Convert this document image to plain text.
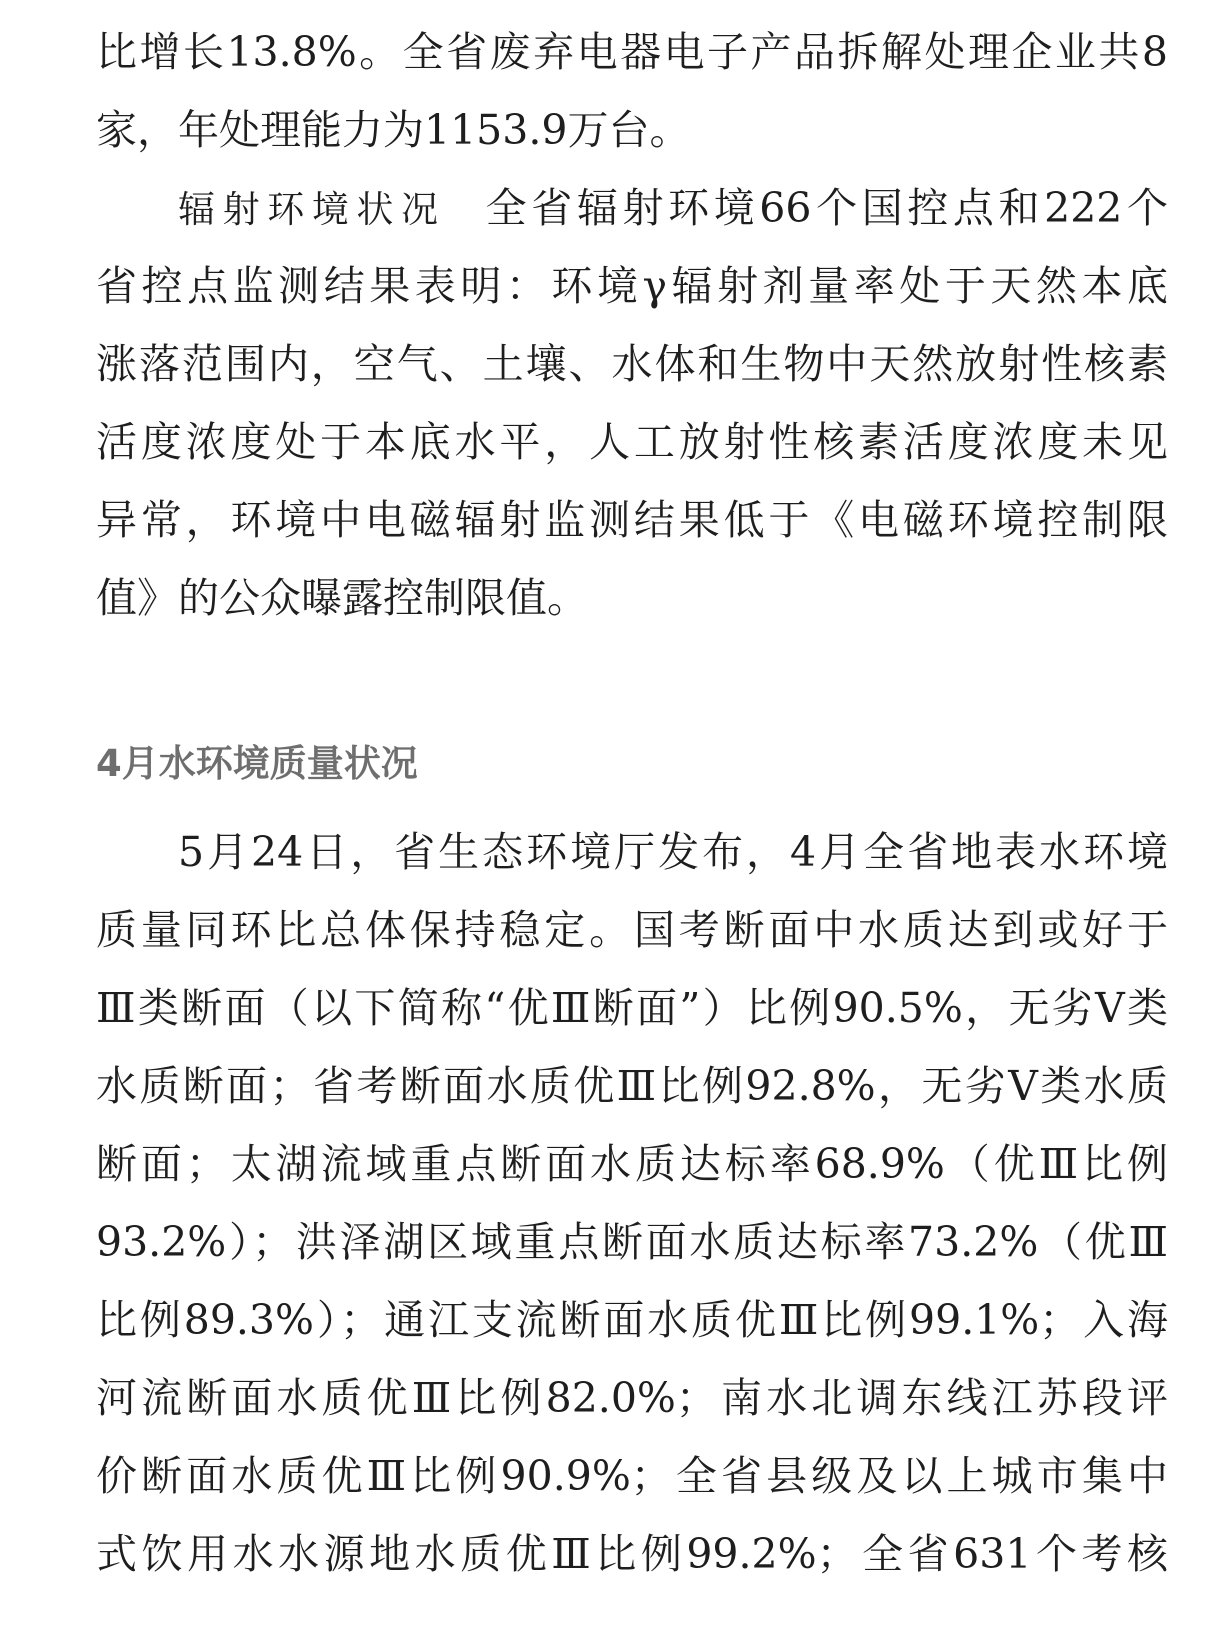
比增长13.8%。全省废弃电器电子产品拆解处理企业共8

家，年处理能力为1153.9万台。

辐射环境状况 全省辐射环境66个国控点和222个

省控点监测结果表明：环境γ辐射剂量率处于天然本底

涨落范围内，空气、土壤、水体和生物中天然放射性核素

活度浓度处于本底水平，人工放射性核素活度浓度未见

异常，环境中电磁辐射监测结果低于《电磁环境控制限

值》的公众曝露控制限值。

4月水环境质量状况

5月24日，省生态环境厅发布，4月全省地表水环境

质量同环比总体保持稳定。国考断面中水质达到或好于

Ⅲ类断面（以下简称“优Ⅲ断面”）比例90.5%，无劣Ⅴ类

水质断面；省考断面水质优Ⅲ比例92.8%，无劣Ⅴ类水质

断面；太湖流域重点断面水质达标率68.9%（优Ⅲ比例

93.2%）；洪泽湖区域重点断面水质达标率73.2%（优Ⅲ

比例89.3%）；通江支流断面水质优Ⅲ比例99.1%；入海

河流断面水质优Ⅲ比例82.0%；南水北调东线江苏段评

价断面水质优Ⅲ比例90.9%；全省县级及以上城市集中

式饮用水水源地水质优Ⅲ比例99.2%；全省631个考核
